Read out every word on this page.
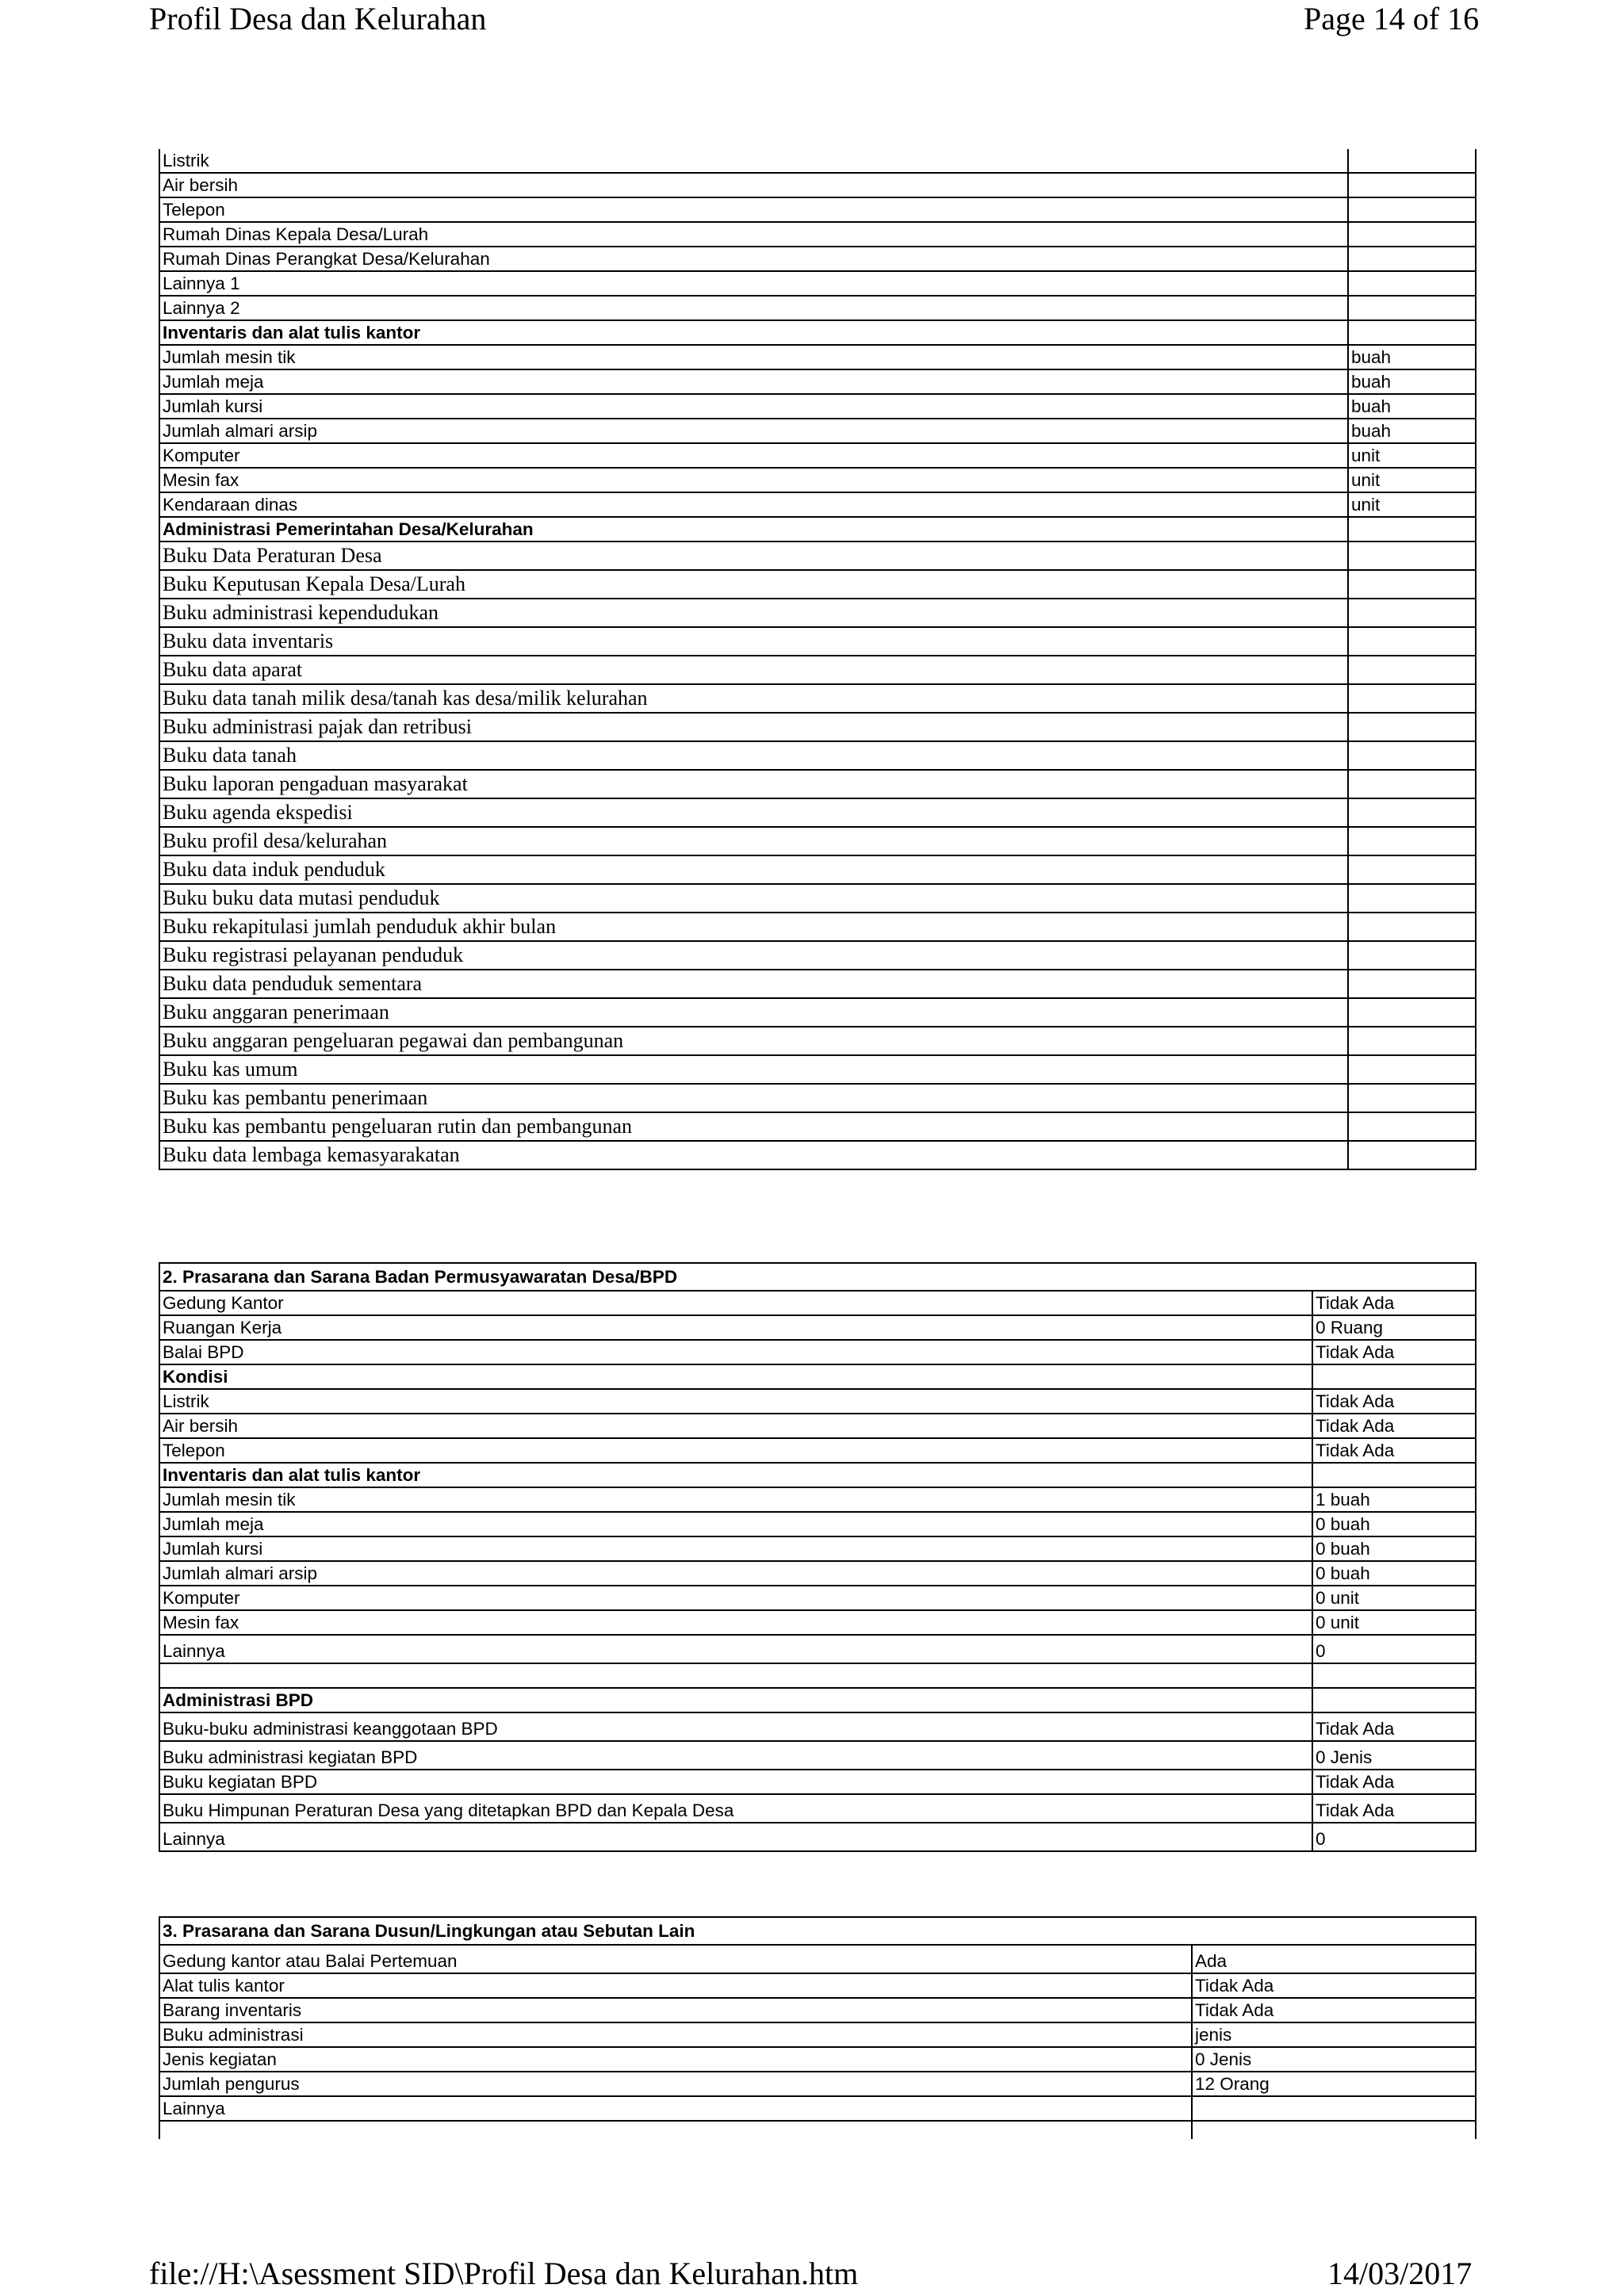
Profil Desa dan Kelurahan	Page 14 of 16
Listrik	
Air bersih	
Telepon	
Rumah Dinas Kepala Desa/Lurah	
Rumah Dinas Perangkat Desa/Kelurahan	
Lainnya 1	
Lainnya 2	
Inventaris dan alat tulis kantor	
Jumlah mesin tik	buah
Jumlah meja	buah
Jumlah kursi	buah
Jumlah almari arsip	buah
Komputer	unit
Mesin fax	unit
Kendaraan dinas	unit
Administrasi Pemerintahan Desa/Kelurahan	
Buku Data Peraturan Desa	
Buku Keputusan Kepala Desa/Lurah	
Buku administrasi kependudukan	
Buku data inventaris	
Buku data aparat	
Buku data tanah milik desa/tanah kas desa/milik kelurahan	
Buku administrasi pajak dan retribusi	
Buku data tanah	
Buku laporan pengaduan masyarakat	
Buku agenda ekspedisi	
Buku profil desa/kelurahan	
Buku data induk penduduk	
Buku buku data mutasi penduduk	
Buku rekapitulasi jumlah penduduk akhir bulan	
Buku registrasi pelayanan penduduk	
Buku data penduduk sementara	
Buku anggaran penerimaan	
Buku anggaran pengeluaran pegawai dan pembangunan	
Buku kas umum	
Buku kas pembantu penerimaan	
Buku kas pembantu pengeluaran rutin dan pembangunan	
Buku data lembaga kemasyarakatan	
2. Prasarana dan Sarana Badan Permusyawaratan Desa/BPD	
Gedung Kantor	Tidak Ada
Ruangan Kerja	0 Ruang
Balai BPD	Tidak Ada
Kondisi	
Listrik	Tidak Ada
Air bersih	Tidak Ada
Telepon	Tidak Ada
Inventaris dan alat tulis kantor	
Jumlah mesin tik	1 buah
Jumlah meja	0 buah
Jumlah kursi	0 buah
Jumlah almari arsip	0 buah
Komputer	0 unit
Mesin fax	0 unit
Lainnya	0

Administrasi BPD	
Buku-buku administrasi keanggotaan BPD	Tidak Ada
Buku administrasi kegiatan BPD	0 Jenis
Buku kegiatan BPD	Tidak Ada
Buku Himpunan Peraturan Desa yang ditetapkan BPD dan Kepala Desa	Tidak Ada
Lainnya	0
3. Prasarana dan Sarana Dusun/Lingkungan atau Sebutan Lain	
Gedung kantor atau Balai Pertemuan	Ada
Alat tulis kantor	Tidak Ada
Barang inventaris	Tidak Ada
Buku administrasi	jenis
Jenis kegiatan	0 Jenis
Jumlah pengurus	12 Orang
Lainnya	

file://H:\Asessment SID\Profil Desa dan Kelurahan.htm	14/03/2017
